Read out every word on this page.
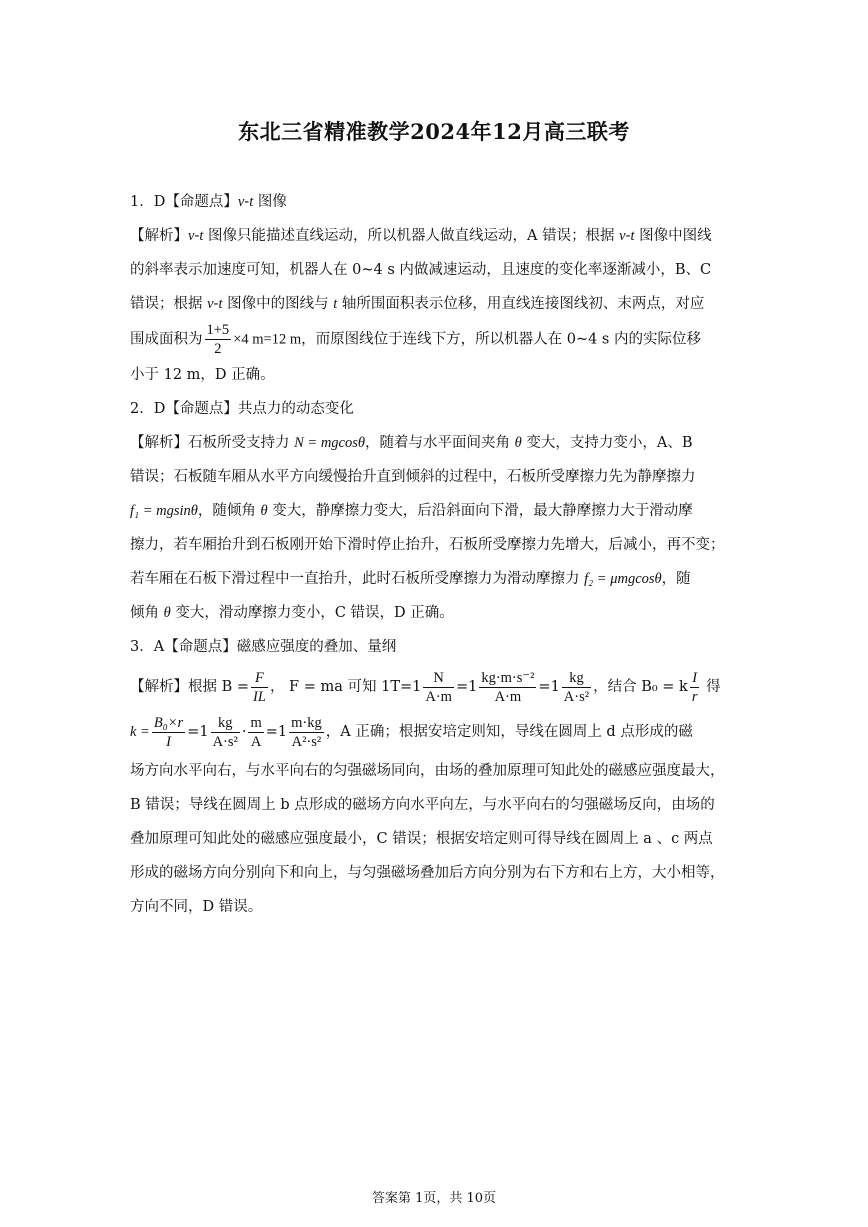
东北三省精准教学2024年12月高三联考

1．D【命题点】v-t 图像

【解析】v-t 图像只能描述直线运动，所以机器人做直线运动，A 错误；根据 v-t 图像中图线

的斜率表示加速度可知，机器人在 0~4 s 内做减速运动，且速度的变化率逐渐减小，B、C

错误；根据 v-t 图像中的图线与 t 轴所围面积表示位移，用直线连接图线初、末两点，对应

围成面积为 $\frac{1+5}{2} \times 4$ m=12 m，而原图线位于连线下方，所以机器人在 0~4 s 内的实际位移

小于 12 m，D 正确。

2．D【命题点】共点力的动态变化

【解析】石板所受支持力 N = mgcosθ，随着与水平面间夹角 θ 变大，支持力变小，A、B

错误；石板随车厢从水平方向缓慢抬升直到倾斜的过程中，石板所受摩擦力先为静摩擦力

f₁ = mgsinθ，随倾角 θ 变大，静摩擦力变大，后沿斜面向下滑，最大静摩擦力大于滑动摩

擦力，若车厢抬升到石板刚开始下滑时停止抬升，石板所受摩擦力先增大，后减小，再不变；

若车厢在石板下滑过程中一直抬升，此时石板所受摩擦力为滑动摩擦力 f₂ = μmgcosθ，随

倾角 θ 变大，滑动摩擦力变小，C 错误，D 正确。

3．A【命题点】磁感应强度的叠加、量纲

【解析】根据 $B = \frac{F}{IL}$ ， F = ma 可知 $1T=1 \frac{N}{A\cdot m} =1 \frac{\text{kg·m·s⁻²}}{A\cdot m} =1 \frac{kg}{\text{A·s²}}$ ，结合 B₀ = k $\frac{I}{r}$ 得

$k = \frac{\text{B₀×r}}{I} =1 \frac{kg}{\text{A·s²}} \cdot \frac{m}{A} =1 \frac{m\cdot kg}{\text{A²·s²}}$ ，A 正确；根据安培定则知，导线在圆周上 d 点形成的磁

场方向水平向右，与水平向右的匀强磁场同向，由场的叠加原理可知此处的磁感应强度最大，

B 错误；导线在圆周上 b 点形成的磁场方向水平向左，与水平向右的匀强磁场反向，由场的

叠加原理可知此处的磁感应强度最小，C 错误；根据安培定则可得导线在圆周上 a 、c 两点

形成的磁场方向分别向下和向上，与匀强磁场叠加后方向分别为右下方和右上方，大小相等，

方向不同，D 错误。

答案第 1页，共 10页
